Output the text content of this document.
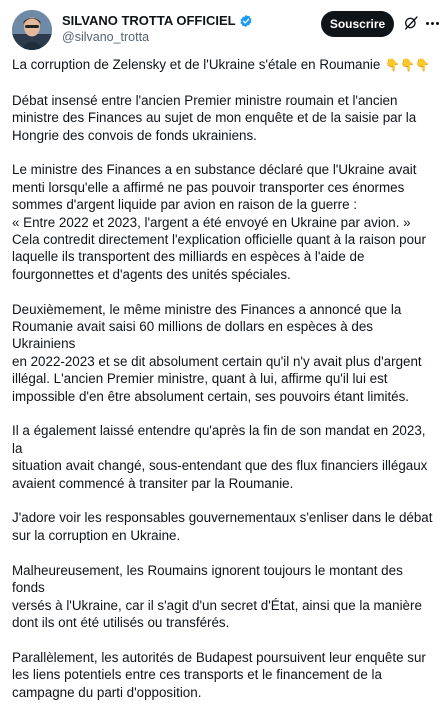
SILVANO TROTTA OFFICIEL
@silvano_trotta
Souscrire

La corruption de Zelensky et de l'Ukraine s'étale en Roumanie 👇👇👇

Débat insensé entre l'ancien Premier ministre roumain et l'ancien
ministre des Finances au sujet de mon enquête et de la saisie par la
Hongrie des convois de fonds ukrainiens.

Le ministre des Finances a en substance déclaré que l'Ukraine avait
menti lorsqu'elle a affirmé ne pas pouvoir transporter ces énormes
sommes d'argent liquide par avion en raison de la guerre :
« Entre 2022 et 2023, l'argent a été envoyé en Ukraine par avion. »
Cela contredit directement l'explication officielle quant à la raison pour
laquelle ils transportent des milliards en espèces à l'aide de
fourgonnettes et d'agents des unités spéciales.

Deuxièmement, le même ministre des Finances a annoncé que la
Roumanie avait saisi 60 millions de dollars en espèces à des Ukrainiens
en 2022-2023 et se dit absolument certain qu'il n'y avait plus d'argent
illégal. L'ancien Premier ministre, quant à lui, affirme qu'il lui est
impossible d'en être absolument certain, ses pouvoirs étant limités.

Il a également laissé entendre qu'après la fin de son mandat en 2023, la
situation avait changé, sous-entendant que des flux financiers illégaux
avaient commencé à transiter par la Roumanie.

J'adore voir les responsables gouvernementaux s'enliser dans le débat
sur la corruption en Ukraine.

Malheureusement, les Roumains ignorent toujours le montant des fonds
versés à l'Ukraine, car il s'agit d'un secret d'État, ainsi que la manière
dont ils ont été utilisés ou transférés.

Parallèlement, les autorités de Budapest poursuivent leur enquête sur
les liens potentiels entre ces transports et le financement de la
campagne du parti d'opposition.
